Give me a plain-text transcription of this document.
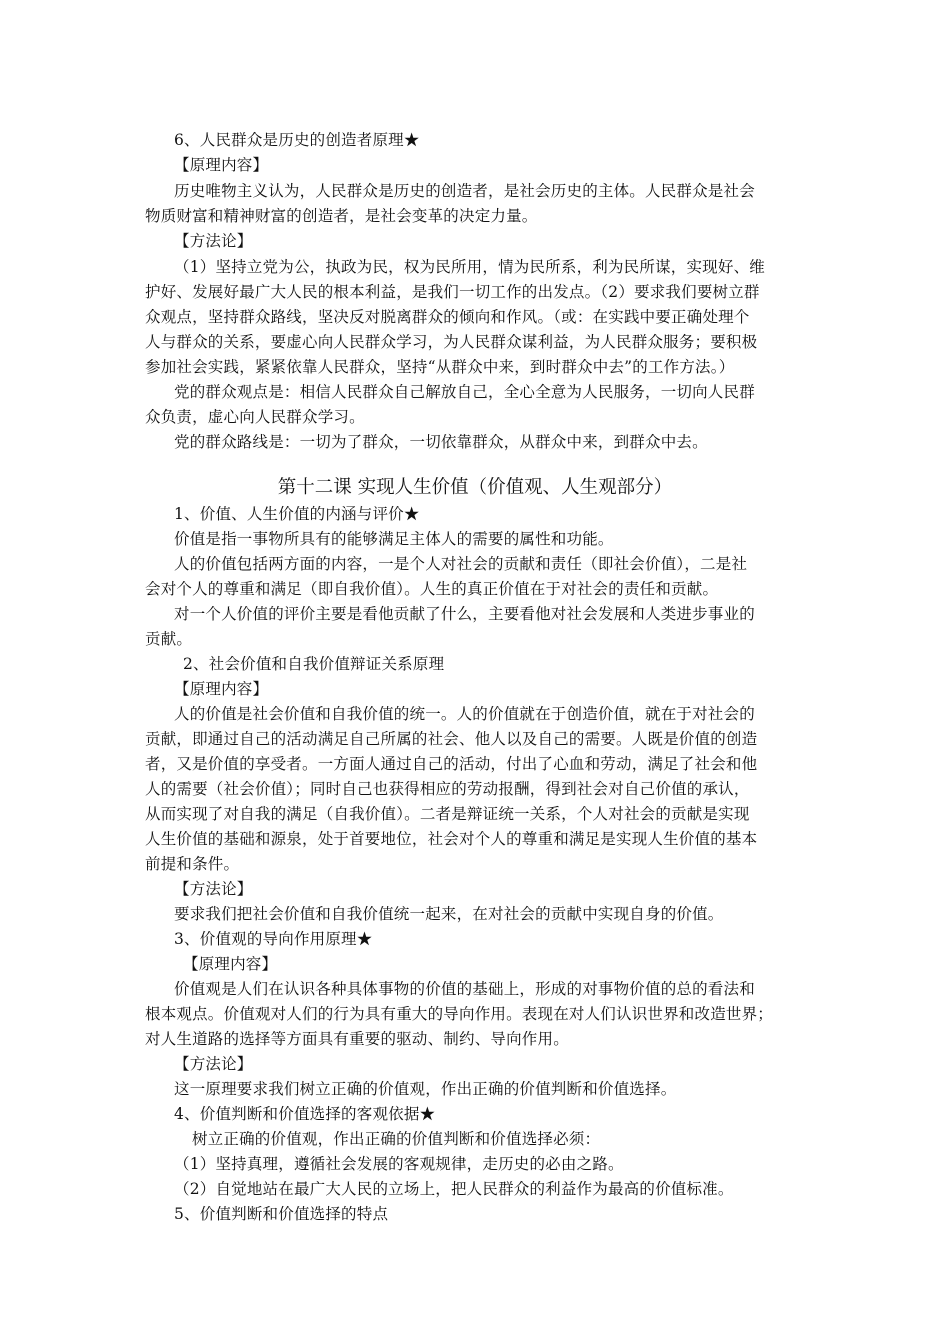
6、人民群众是历史的创造者原理★
【原理内容】
历史唯物主义认为，人民群众是历史的创造者，是社会历史的主体。人民群众是社会
物质财富和精神财富的创造者，是社会变革的决定力量。
【方法论】
（1）坚持立党为公，执政为民，权为民所用，情为民所系，利为民所谋，实现好、维
护好、发展好最广大人民的根本利益，是我们一切工作的出发点。（2）要求我们要树立群
众观点，坚持群众路线，坚决反对脱离群众的倾向和作风。（或：在实践中要正确处理个
人与群众的关系，要虚心向人民群众学习，为人民群众谋利益，为人民群众服务；要积极
参加社会实践，紧紧依靠人民群众，坚持“从群众中来，到时群众中去”的工作方法。）
党的群众观点是：相信人民群众自己解放自己，全心全意为人民服务，一切向人民群
众负责，虚心向人民群众学习。
党的群众路线是：一切为了群众，一切依靠群众，从群众中来，到群众中去。
第十二课 实现人生价值（价值观、人生观部分）
1、价值、人生价值的内涵与评价★
价值是指一事物所具有的能够满足主体人的需要的属性和功能。
人的价值包括两方面的内容，一是个人对社会的贡献和责任（即社会价值），二是社
会对个人的尊重和满足（即自我价值）。人生的真正价值在于对社会的责任和贡献。
对一个人价值的评价主要是看他贡献了什么，主要看他对社会发展和人类进步事业的
贡献。
2、社会价值和自我价值辩证关系原理
【原理内容】
人的价值是社会价值和自我价值的统一。人的价值就在于创造价值，就在于对社会的
贡献，即通过自己的活动满足自己所属的社会、他人以及自己的需要。人既是价值的创造
者，又是价值的享受者。一方面人通过自己的活动，付出了心血和劳动，满足了社会和他
人的需要（社会价值）；同时自己也获得相应的劳动报酬，得到社会对自己价值的承认，
从而实现了对自我的满足（自我价值）。二者是辩证统一关系，个人对社会的贡献是实现
人生价值的基础和源泉，处于首要地位，社会对个人的尊重和满足是实现人生价值的基本
前提和条件。
【方法论】
要求我们把社会价值和自我价值统一起来，在对社会的贡献中实现自身的价值。
3、价值观的导向作用原理★
【原理内容】
价值观是人们在认识各种具体事物的价值的基础上，形成的对事物价值的总的看法和
根本观点。价值观对人们的行为具有重大的导向作用。表现在对人们认识世界和改造世界；
对人生道路的选择等方面具有重要的驱动、制约、导向作用。
【方法论】
这一原理要求我们树立正确的价值观，作出正确的价值判断和价值选择。
4、价值判断和价值选择的客观依据★
树立正确的价值观，作出正确的价值判断和价值选择必须：
（1）坚持真理，遵循社会发展的客观规律，走历史的必由之路。
（2）自觉地站在最广大人民的立场上，把人民群众的利益作为最高的价值标准。
5、价值判断和价值选择的特点
